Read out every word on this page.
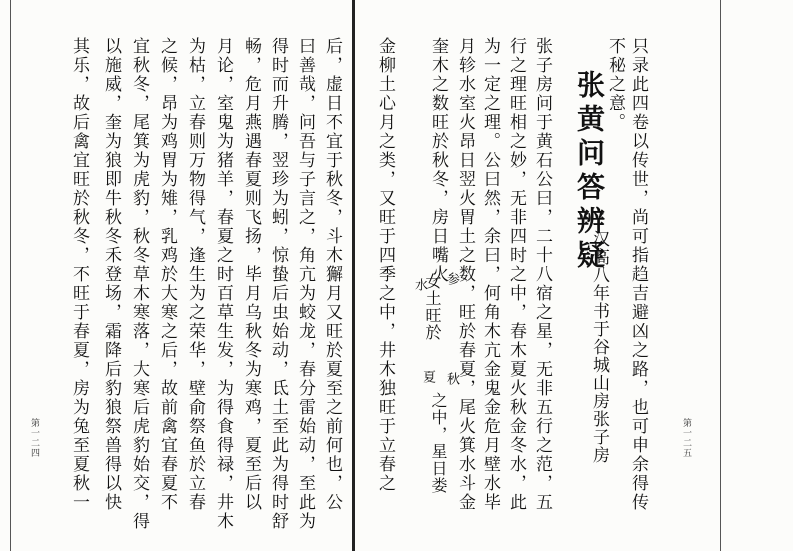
第一二五
只录此四卷以传世，尚可指趋吉避凶之路，也可申余得传
不秘之意。
张黄问答辨疑
汉高八年书于谷城山房张子房
张子房问于黄石公曰，二十八宿之星，无非五行之范，五
行之理旺相之妙，无非四时之中，春木夏火秋金冬水，此
为一定之理。公曰然，余曰，何角木亢金鬼金危月壁水毕
月轸水室火昂日翌火胃土之数，旺於春夏，尾火箕水斗金
奎木之数旺於秋冬，房日嘴火
参
水
秋
女土旺於
夏
之中，星日娄
金柳土心月之类，又旺于四季之中，井木独旺于立春之
第一二四	后，虚日不宜于秋冬，斗木獬月又旺於夏至之前何也，公
曰善哉，问吾与子言之，角亢为蛟龙，春分雷始动，至此为
得时而升腾，翌珍为蚓，惊蛰后虫始动，氐土至此为得时舒
畅，危月燕遇春夏则飞扬，毕月乌秋冬为寒鸡，夏至后以
月论，室鬼为猪羊，春夏之时百草生发，为得食得禄，井木
为枯，立春则万物得气，逢生为之荣华，壁俞祭鱼於立春
之候，昂为鸡胃为雉，乳鸡於大寒之后，故前禽宜春夏不
宜秋冬，尾箕为虎豹，秋冬草木寒落，大寒后虎豹始交，得
以施威，奎为狼即牛秋冬禾登场，霜降后豹狼祭兽得以快
其乐，故后禽宜旺於秋冬，不旺于春夏，房为兔至夏秋一
